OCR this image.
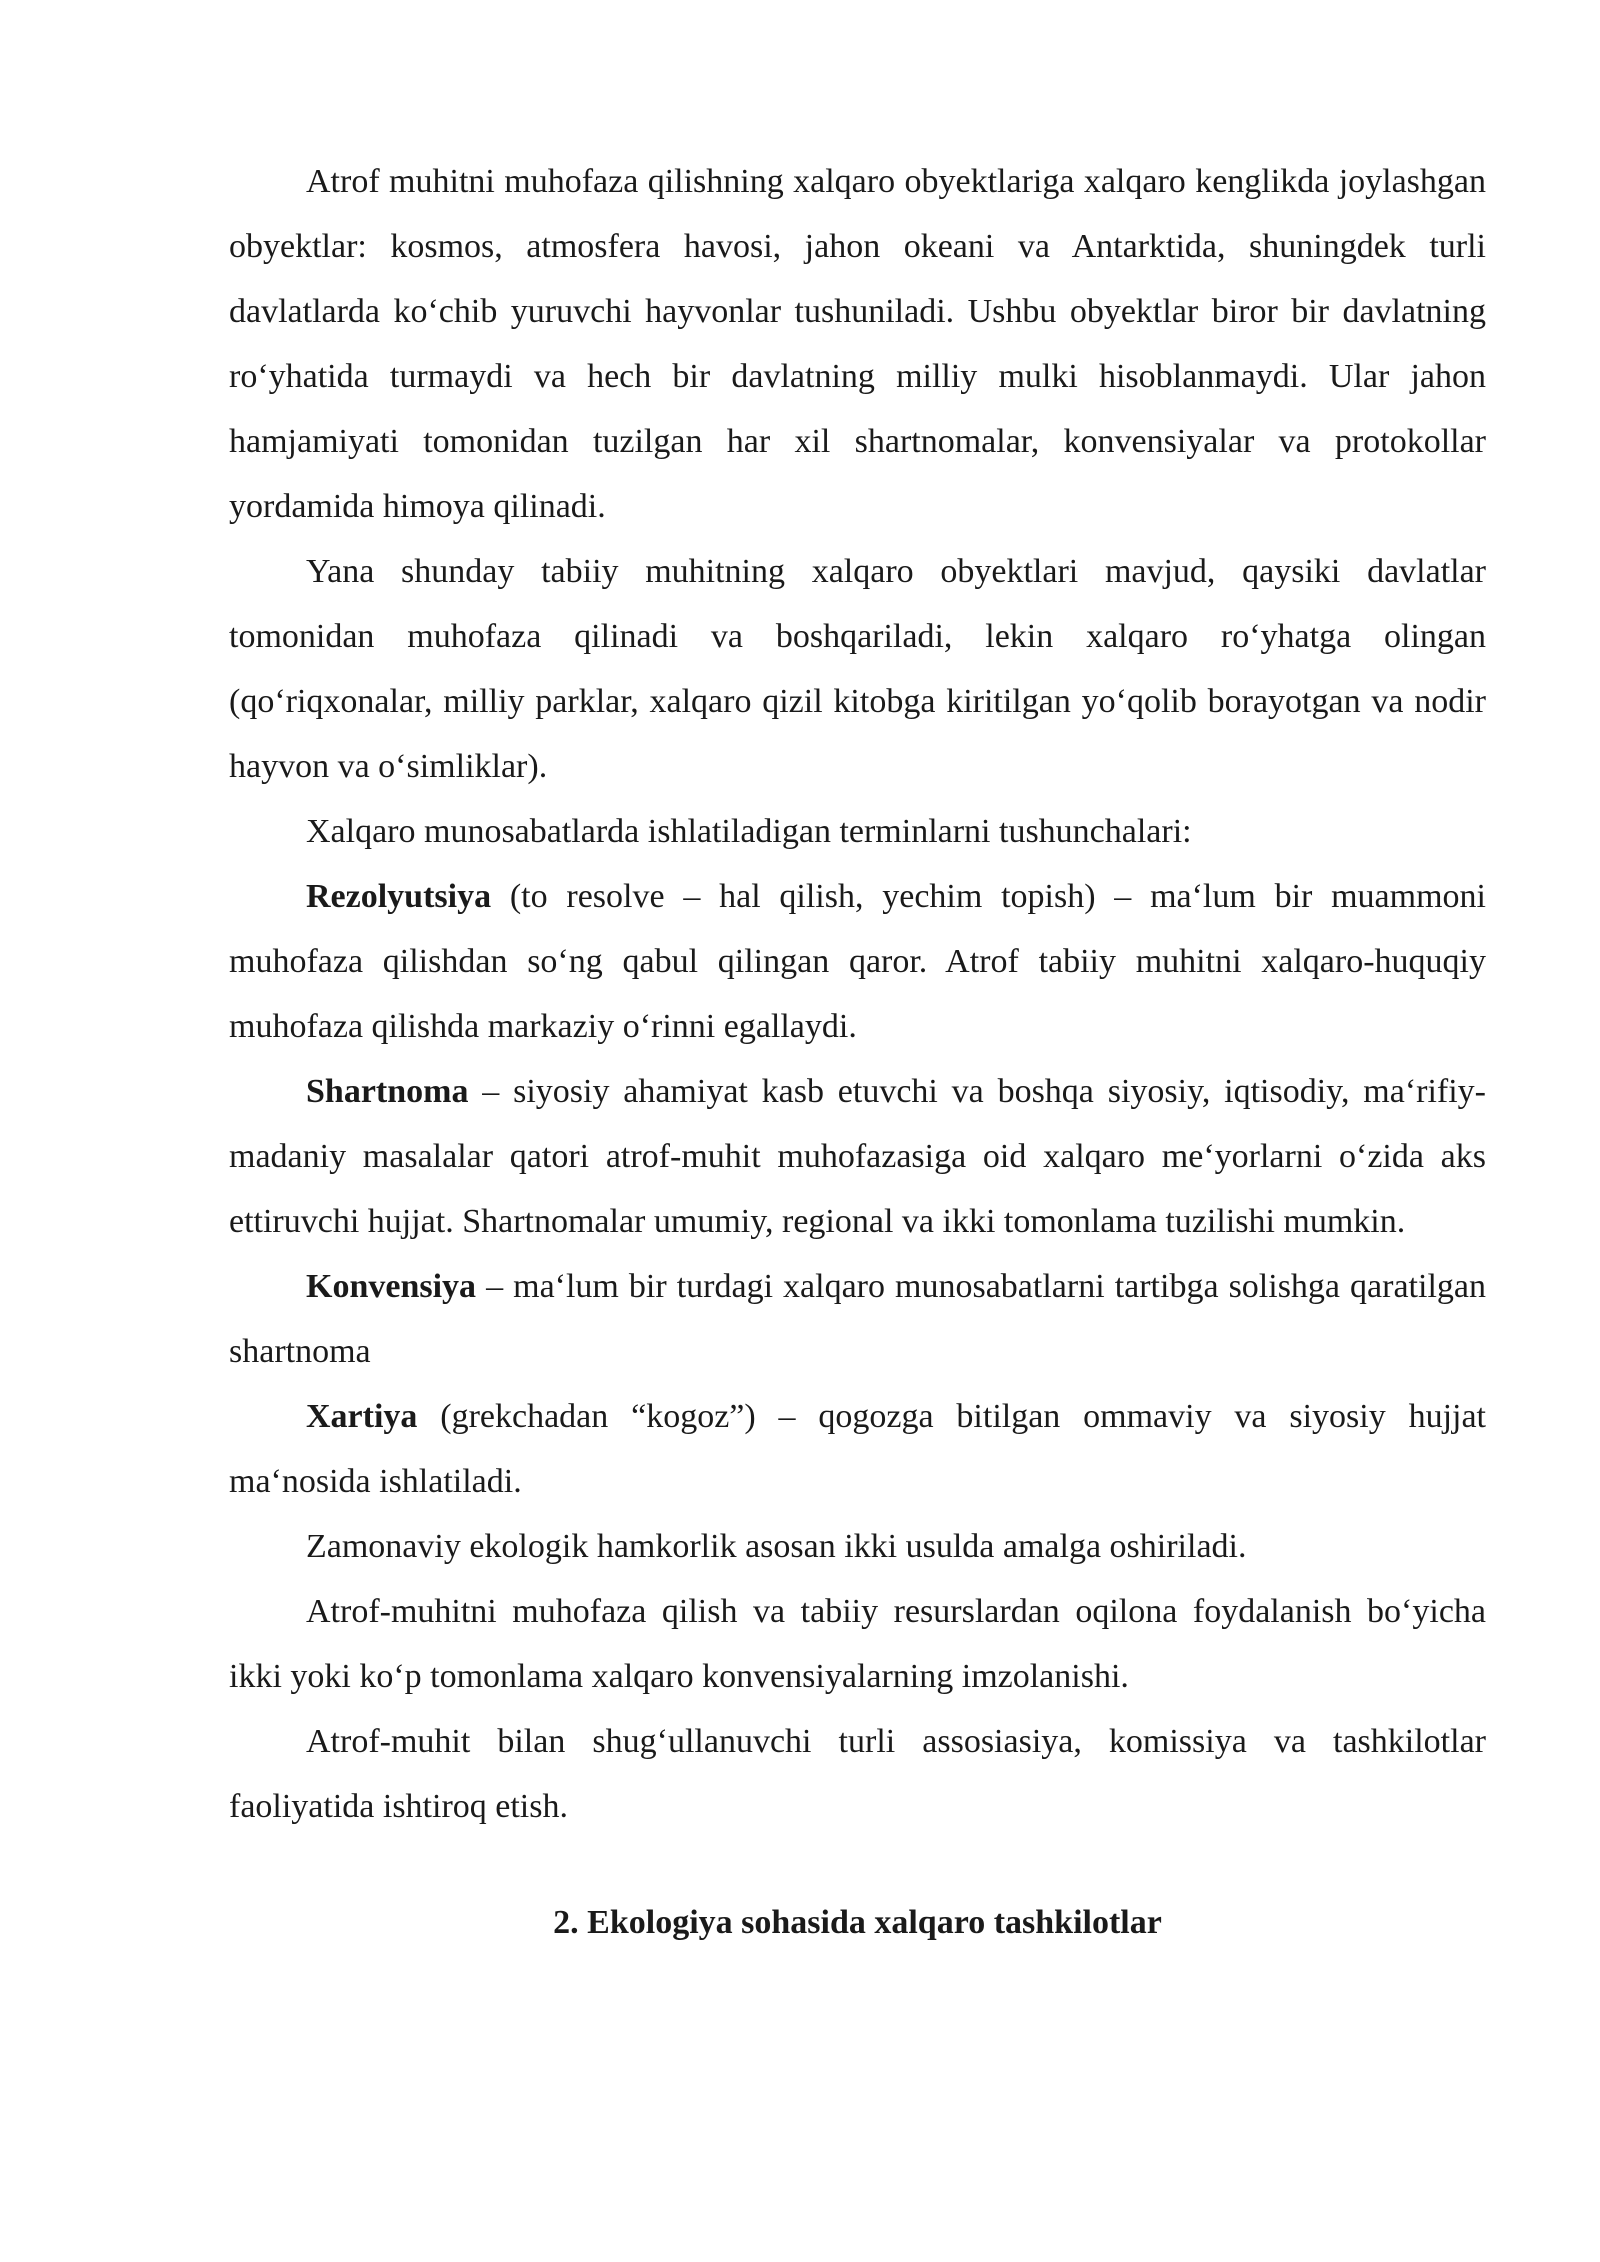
Atrof muhitni muhofaza qilishning xalqaro obyektlariga xalqaro kenglikda joylashgan obyektlar: kosmos, atmosfera havosi, jahon okeani va Antarktida, shuningdek turli davlatlarda ko‘chib yuruvchi hayvonlar tushuniladi. Ushbu obyektlar biror bir davlatning ro‘yhatida turmaydi va hech bir davlatning milliy mulki hisoblanmaydi. Ular jahon hamjamiyati tomonidan tuzilgan har xil shartnomalar, konvensiyalar va protokollar yordamida himoya qilinadi.

Yana shunday tabiiy muhitning xalqaro obyektlari mavjud, qaysiki davlatlar tomonidan muhofaza qilinadi va boshqariladi, lekin xalqaro ro‘yhatga olingan (qo‘riqxonalar, milliy parklar, xalqaro qizil kitobga kiritilgan yo‘qolib borayotgan va nodir hayvon va o‘simliklar).

Xalqaro munosabatlarda ishlatiladigan terminlarni tushunchalari:

Rezolyutsiya (to resolve – hal qilish, yechim topish) – ma‘lum bir muammoni muhofaza qilishdan so‘ng qabul qilingan qaror. Atrof tabiiy muhitni xalqaro-huquqiy muhofaza qilishda markaziy o‘rinni egallaydi.

Shartnoma – siyosiy ahamiyat kasb etuvchi va boshqa siyosiy, iqtisodiy, ma‘rifiy-madaniy masalalar qatori atrof-muhit muhofazasiga oid xalqaro me‘yorlarni o‘zida aks ettiruvchi hujjat. Shartnomalar umumiy, regional va ikki tomonlama tuzilishi mumkin.

Konvensiya – ma‘lum bir turdagi xalqaro munosabatlarni tartibga solishga qaratilgan shartnoma

Xartiya (grekchadan “kogoz”) – qogozga bitilgan ommaviy va siyosiy hujjat ma‘nosida ishlatiladi.

Zamonaviy ekologik hamkorlik asosan ikki usulda amalga oshiriladi.

Atrof-muhitni muhofaza qilish va tabiiy resurslardan oqilona foydalanish bo‘yicha ikki yoki ko‘p tomonlama xalqaro konvensiyalarning imzolanishi.

Atrof-muhit bilan shug‘ullanuvchi turli assosiasiya, komissiya va tashkilotlar faoliyatida ishtiroq etish.

2. Ekologiya sohasida xalqaro tashkilotlar
